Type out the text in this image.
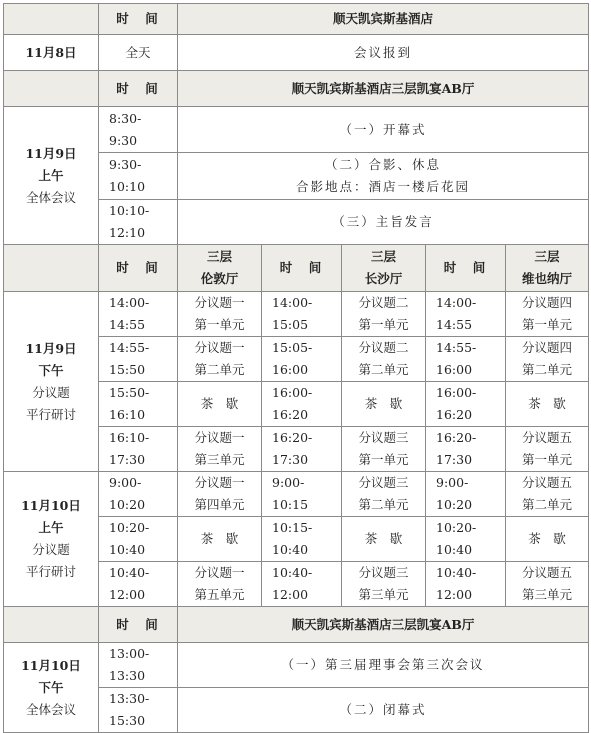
	时　间	顺天凯宾斯基酒店				

11月8日	全天	会议报到				
	时　间	顺天凯宾斯基酒店三层凯宴AB厅				

11月9日
上午
全体会议	8:30-
9:30	（一）开幕式				

	9:30-
10:10	（二）合影、休息
合影地点：酒店一楼后花园				

	10:10-
12:10	（三）主旨发言				
	时　间	三层
伦敦厅	时　间	三层
长沙厅	时　间	三层
维也纳厅

11月9日
下午
分议题
平行研讨	14:00-
14:55	分议题一
第一单元	14:00-
15:05	分议题二
第一单元	14:00-
14:55	分议题四
第一单元

	14:55-
15:50	分议题一
第二单元	15:05-
16:00	分议题二
第二单元	14:55-
16:00	分议题四
第二单元

	15:50-
16:10	茶　歇	16:00-
16:20	茶　歇	16:00-
16:20	茶　歇

	16:10-
17:30	分议题一
第三单元	16:20-
17:30	分议题三
第一单元	16:20-
17:30	分议题五
第一单元

11月10日
上午
分议题
平行研讨	9:00-
10:20	分议题一
第四单元	9:00-
10:15	分议题三
第二单元	9:00-
10:20	分议题五
第二单元

	10:20-
10:40	茶　歇	10:15-
10:40	茶　歇	10:20-
10:40	茶　歇

	10:40-
12:00	分议题一
第五单元	10:40-
12:00	分议题三
第三单元	10:40-
12:00	分议题五
第三单元

	时　间	顺天凯宾斯基酒店三层凯宴AB厅				

11月10日
下午
全体会议	13:00-
13:30	（一）第三届理事会第三次会议				

	13:30-
15:30	（二）闭幕式				
